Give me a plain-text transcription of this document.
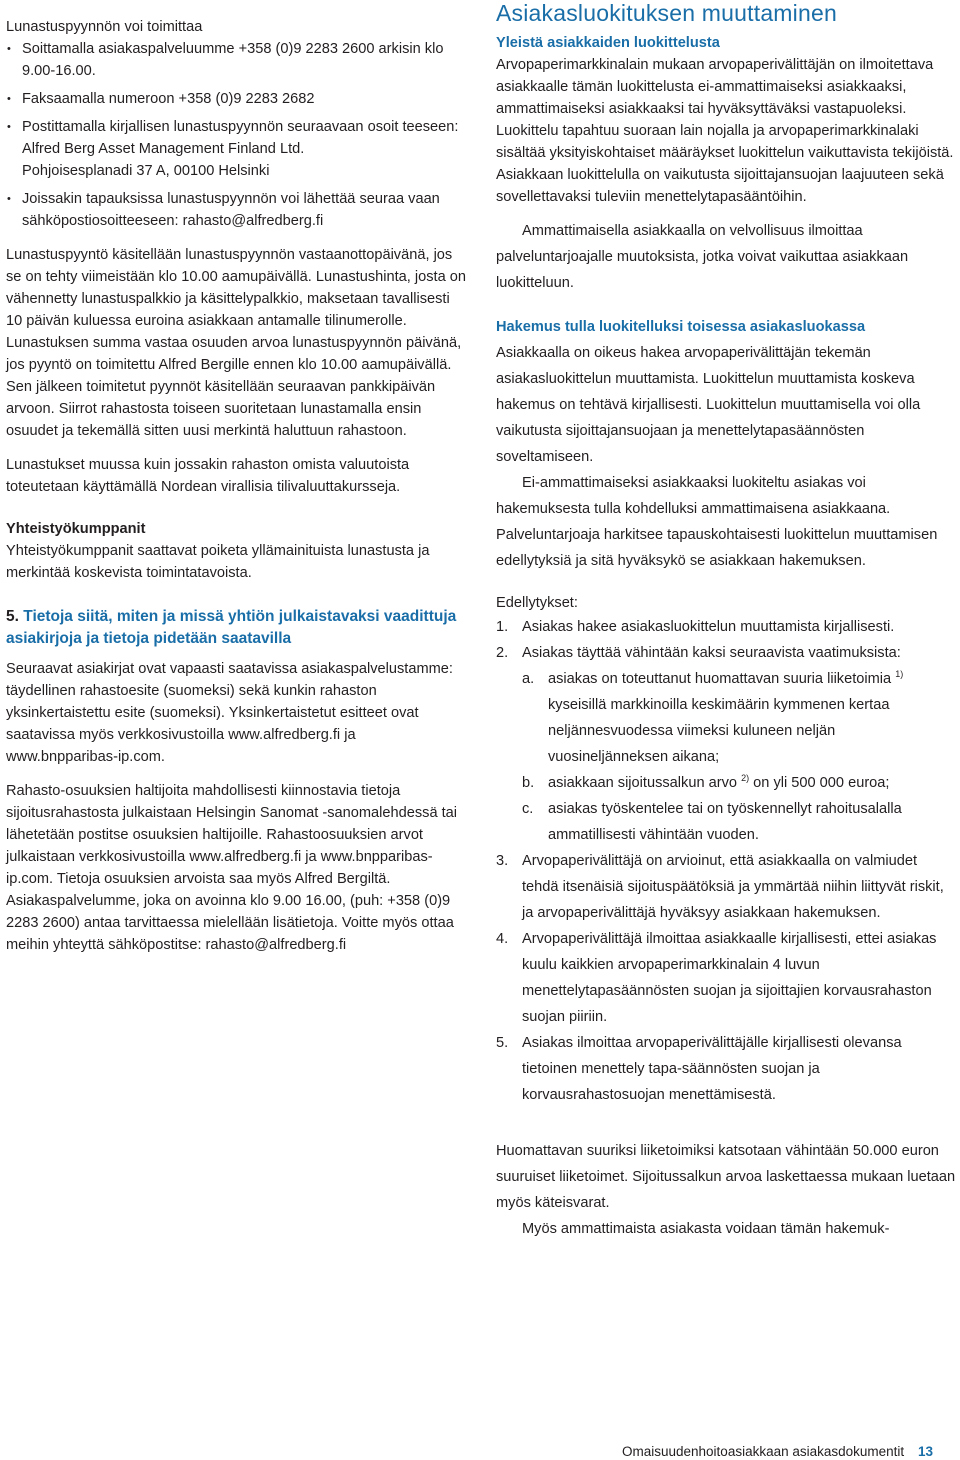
Lunastuspyynnön voi toimittaa

• Soittamalla asiakaspalveluumme +358 (0)9 2283 2600 arkisin klo 9.00-16.00.
• Faksaamalla numeroon +358 (0)9 2283 2682
• Postittamalla kirjallisen lunastuspyynnön seuraavaan osoit teeseen:
Alfred Berg Asset Management Finland Ltd.
Pohjoisesplanadi 37 A, 00100 Helsinki
• Joissakin tapauksissa lunastuspyynnön voi lähettää seuraa vaan sähköpostiosoitteeseen: rahasto@alfredberg.fi

Lunastuspyyntö käsitellään lunastuspyynnön vastaanottopäivänä, jos se on tehty viimeistään klo 10.00 aamupäivällä. Lunastushinta, josta on vähennetty lunastuspalkkio ja käsittelypalkkio, maksetaan tavallisesti 10 päivän kuluessa euroina asiakkaan antamalle tilinumerolle. Lunastuksen summa vastaa osuuden arvoa lunastuspyynnön päivänä, jos pyyntö on toimitettu Alfred Bergille ennen klo 10.00 aamupäivällä. Sen jälkeen toimitetut pyynnöt käsitellään seuraavan pankkipäivän arvoon. Siirrot rahastosta toiseen suoritetaan lunastamalla ensin osuudet ja tekemällä sitten uusi merkintä haluttuun rahastoon.

Lunastukset muussa kuin jossakin rahaston omista valuutoista toteutetaan käyttämällä Nordean virallisia tilivaluuttakursseja.

Yhteistyökumppanit

Yhteistyökumppanit saattavat poiketa yllämainituista lunastusta ja merkintää koskevista toimintatavoista.

5. Tietoja siitä, miten ja missä yhtiön julkaistavaksi vaadittuja asiakirjoja ja tietoja pidetään saatavilla

Seuraavat asiakirjat ovat vapaasti saatavissa asiakaspalvelustamme: täydellinen rahastoesite (suomeksi) sekä kunkin rahaston yksinkertaistettu esite (suomeksi). Yksinkertaistetut esitteet ovat saatavissa myös verkkosivustoilla www.alfredberg.fi ja www.bnpparibas-ip.com.

Rahasto-osuuksien haltijoita mahdollisesti kiinnostavia tietoja sijoitusrahastosta julkaistaan Helsingin Sanomat -sanomalehdessä tai lähetetään postitse osuuksien haltijoille. Rahastoosuuksien arvot julkaistaan verkkosivustoilla www.alfredberg.fi ja www.bnpparibas-ip.com. Tietoja osuuksien arvoista saa myös Alfred Bergiltä. Asiakaspalvelumme, joka on avoinna klo 9.00 16.00, (puh: +358 (0)9 2283 2600) antaa tarvittaessa mielellään lisätietoja. Voitte myös ottaa meihin yhteyttä sähköpostitse: rahasto@alfredberg.fi

Asiakasluokituksen muuttaminen
Yleistä asiakkaiden luokittelusta

Arvopaperimarkkinalain mukaan arvopaperivälittäjän on ilmoitettava asiakkaalle tämän luokittelusta ei-ammattimaiseksi asiakkaaksi, ammattimaiseksi asiakkaaksi tai hyväksyttäväksi vastapuoleksi. Luokittelu tapahtuu suoraan lain nojalla ja arvopaperimarkkinalaki sisältää yksityiskohtaiset määräykset luokittelun vaikuttavista tekijöistä. Asiakkaan luokittelulla on vaikutusta sijoittajansuojan laajuuteen sekä sovellettavaksi tuleviin menettelytapasääntöihin.

Ammattimaisella asiakkaalla on velvollisuus ilmoittaa palveluntarjoajalle muutoksista, jotka voivat vaikuttaa asiakkaan luokitteluun.

Hakemus tulla luokitelluksi toisessa asiakasluokassa

Asiakkaalla on oikeus hakea arvopaperivälittäjän tekemän asiakasluokittelun muuttamista. Luokittelun muuttamista koskeva hakemus on tehtävä kirjallisesti. Luokittelun muuttamisella voi olla vaikutusta sijoittajansuojaan ja menettelytapasäännösten soveltamiseen.

Ei-ammattimaiseksi asiakkaaksi luokiteltu asiakas voi hakemuksesta tulla kohdelluksi ammattimaisena asiakkaana. Palveluntarjoaja harkitsee tapauskohtaisesti luokittelun muuttamisen edellytyksiä ja sitä hyväksykö se asiakkaan hakemuksen.

Edellytykset:

1. Asiakas hakee asiakasluokittelun muuttamista kirjallisesti.
2. Asiakas täyttää vähintään kaksi seuraavista vaatimuksista:
a. asiakas on toteuttanut huomattavan suuria liiketoimia $^{1)}$ kyseisillä markkinoilla keskimäärin kymmenen kertaa neljännesvuodessa viimeksi kuluneen neljän vuosineljänneksen aikana;
b. asiakkaan sijoitussalkun arvo $^{2)}$ on yli 500 000 euroa;
c. asiakas työskentelee tai on työskennellyt rahoitusalalla ammatillisesti vähintään vuoden.
3. Arvopaperivälittäjä on arvioinut, että asiakkaalla on valmiudet tehdä itsenäisiä sijoituspäätöksiä ja ymmärtää niihin liittyvät riskit, ja arvopaperivälittäjä hyväksyy asiakkaan hakemuksen.
4. Arvopaperivälittäjä ilmoittaa asiakkaalle kirjallisesti, ettei asiakas kuulu kaikkien arvopaperimarkkinalain 4 luvun menettelytapasäännösten suojan ja sijoittajien korvausrahaston suojan piiriin.
5. Asiakas ilmoittaa arvopaperivälittäjälle kirjallisesti olevansa tietoinen menettely tapa-säännösten suojan ja korvausrahastosuojan menettämisestä.

Huomattavan suuriksi liiketoimiksi katsotaan vähintään 50.000 euron suuruiset liiketoimet. Sijoitussalkun arvoa laskettaessa mukaan luetaan myös käteisvarat.

Myös ammattimaista asiakasta voidaan tämän hakemuk-

Omaisuudenhoitoasiakkaan asiakasdokumentit 13
